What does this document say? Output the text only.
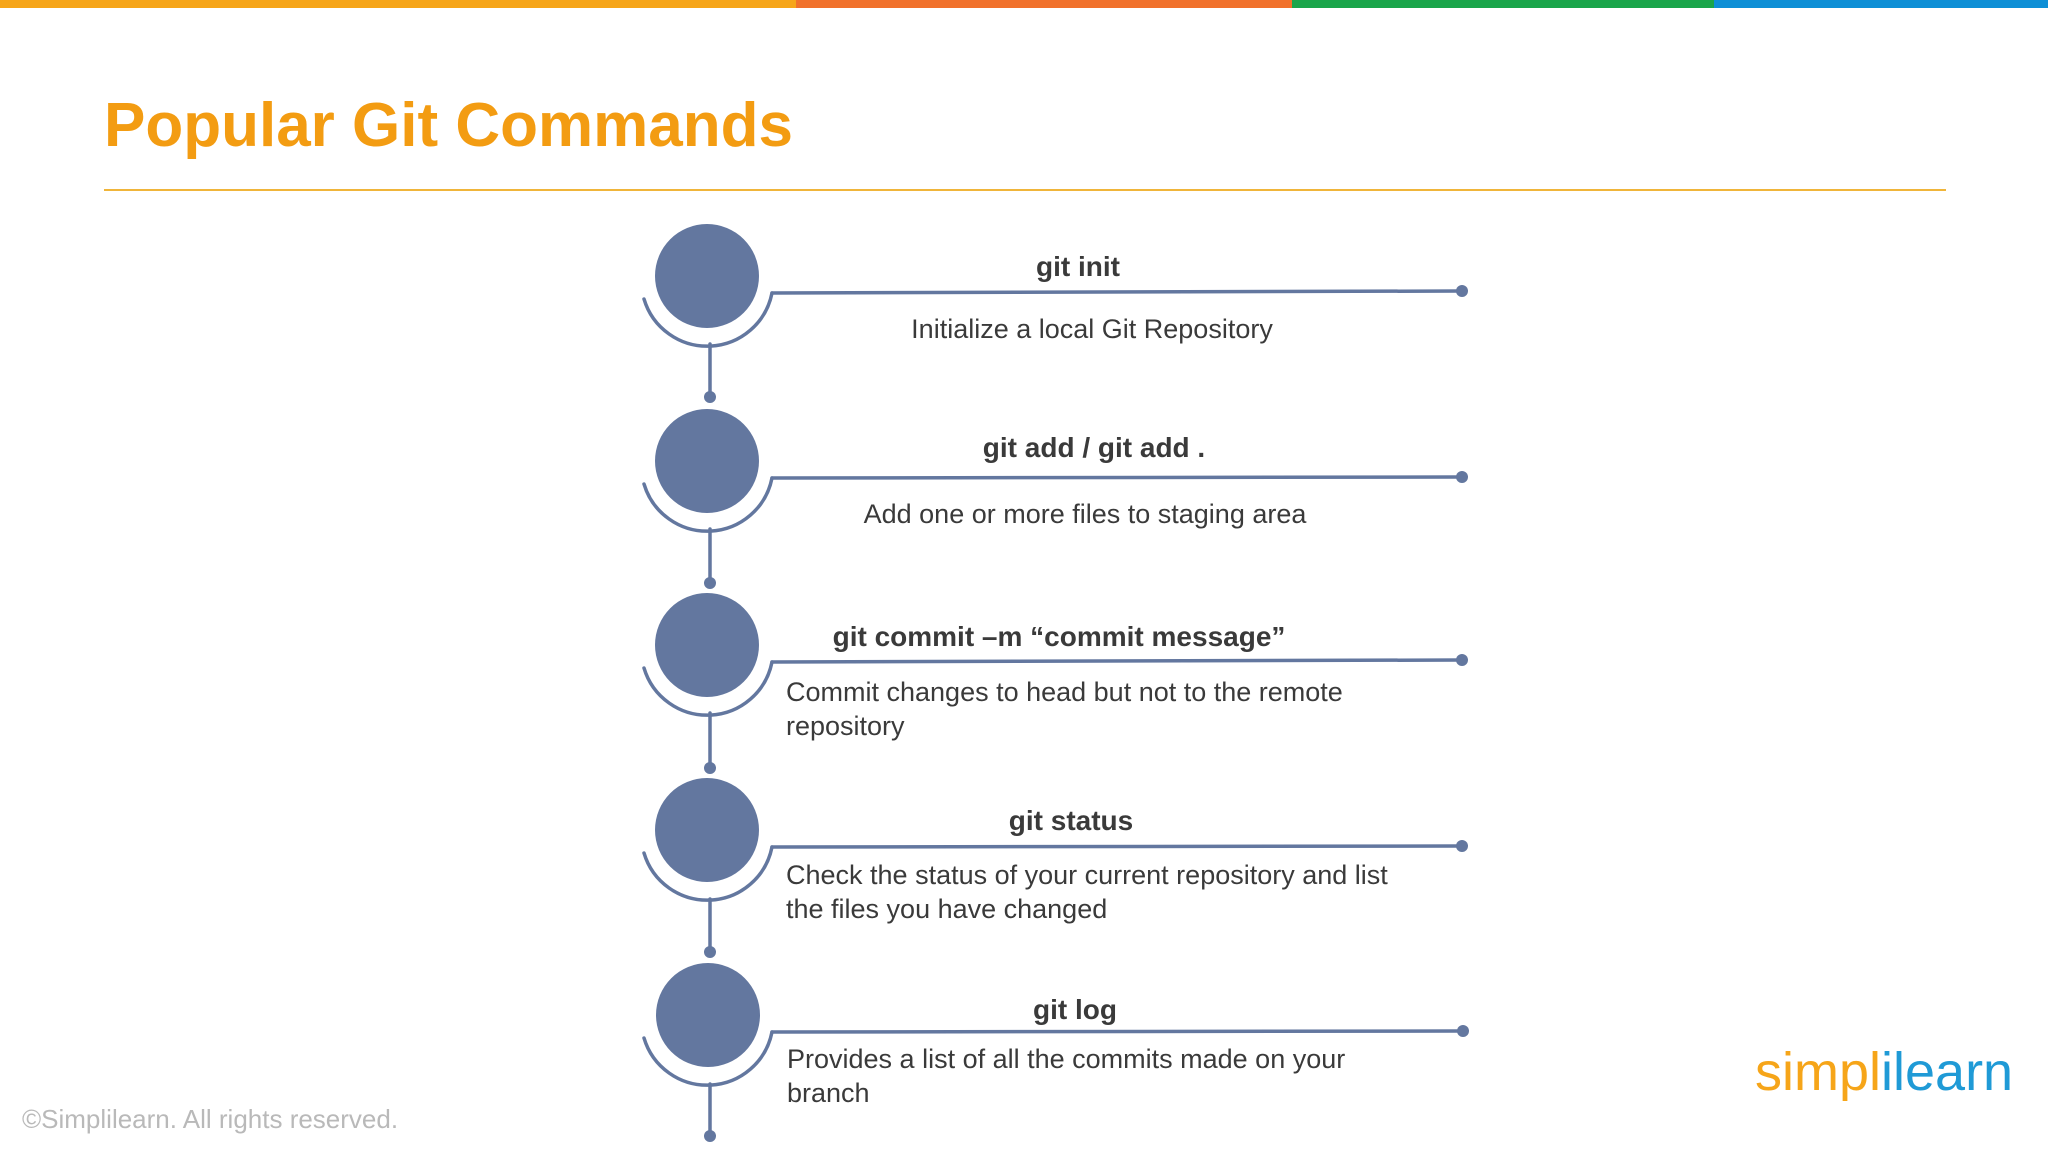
Popular Git Commands
git init
Initialize a local Git Repository
git add / git add .
Add one or more files to staging area
git commit –m “commit message”
Commit changes to head but not to the remote
repository
git status
Check the status of your current repository and list
the files you have changed
git log
Provides a list of all the commits made on your
branch
©Simplilearn. All rights reserved.
simplilearn
